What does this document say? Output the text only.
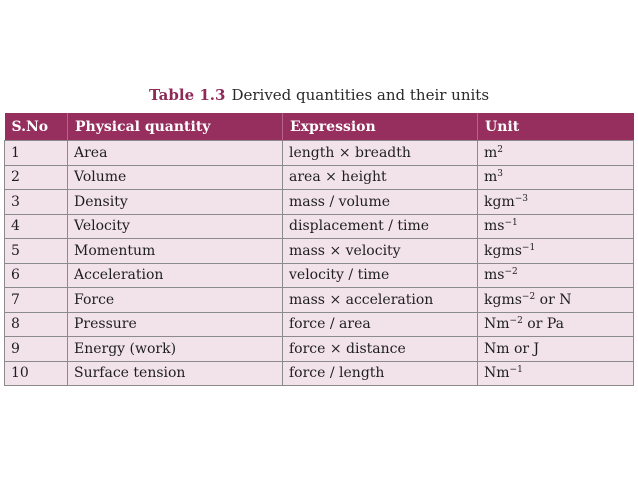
Table 1.3 Derived quantities and their units
S.No	Physical quantity	Expression	Unit
1	Area	length × breadth	$m^2$
2	Volume	area × height	$m^3$
3	Density	mass / volume	kgm$^{-3}$
4	Velocity	displacement / time	$ms^{-1}$
5	Momentum	mass × velocity	kgms$^{-1}$
6	Acceleration	velocity / time	$ms^{-2}$
7	Force	mass × acceleration	kgms$^{-2}$ or N
8	Pressure	force / area	$Nm^{-2}$ or Pa
9	Energy (work)	force × distance	Nm or J
10	Surface tension	force / length	$Nm^{-1}$
